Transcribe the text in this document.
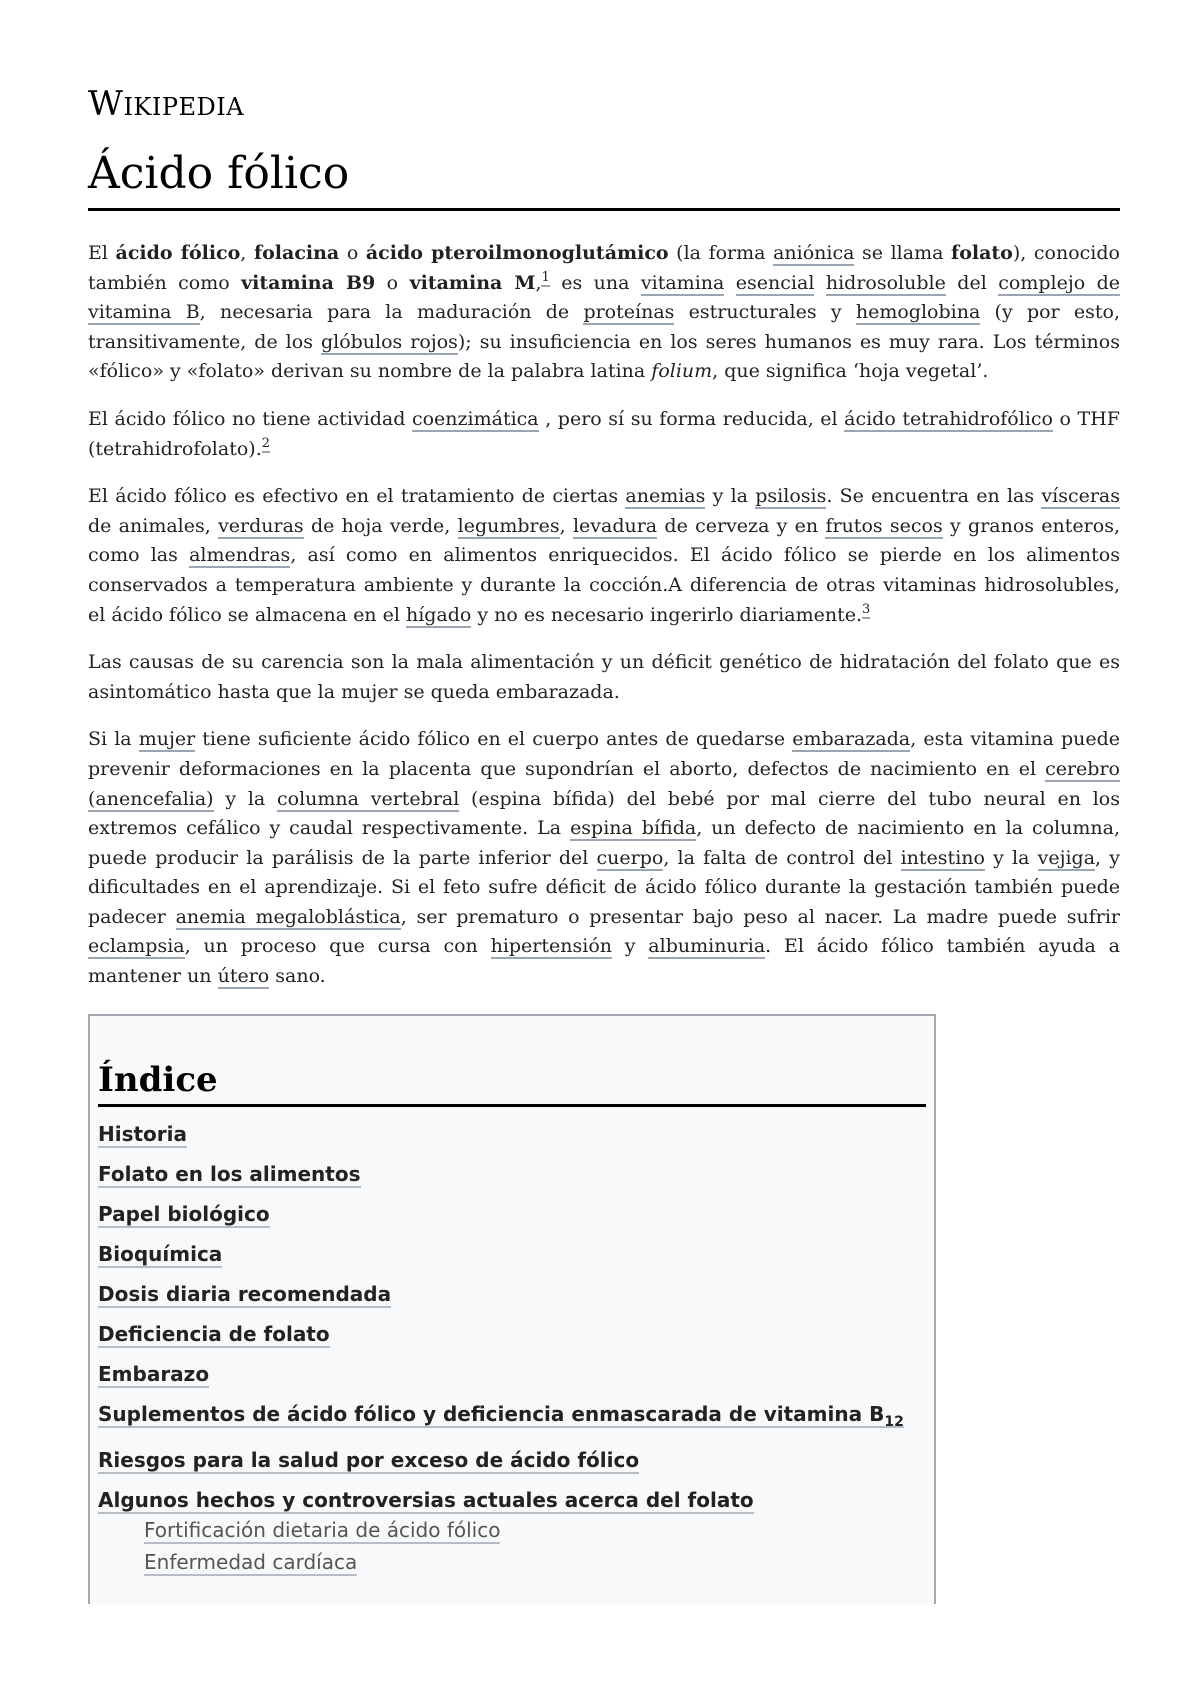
Wikipedia
Ácido fólico

El ácido fólico, folacina o ácido pteroilmonoglutámico (la forma aniónica se llama folato), conocido también como vitamina B9 o vitamina M,$^1$ es una vitamina esencial hidrosoluble del complejo de vitamina B, necesaria para la maduración de proteínas estructurales y hemoglobina (y por esto, transitivamente, de los glóbulos rojos); su insuficiencia en los seres humanos es muy rara. Los términos «fólico» y «folato» derivan su nombre de la palabra latina folium, que significa ‘hoja vegetal’.

El ácido fólico no tiene actividad coenzimática , pero sí su forma reducida, el ácido tetrahidrofólico o THF (tetrahidrofolato).$^2$

El ácido fólico es efectivo en el tratamiento de ciertas anemias y la psilosis. Se encuentra en las vísceras de animales, verduras de hoja verde, legumbres, levadura de cerveza y en frutos secos y granos enteros, como las almendras, así como en alimentos enriquecidos. El ácido fólico se pierde en los alimentos conservados a temperatura ambiente y durante la cocción.A diferencia de otras vitaminas hidrosolubles, el ácido fólico se almacena en el hígado y no es necesario ingerirlo diariamente.$^3$

Las causas de su carencia son la mala alimentación y un déficit genético de hidratación del folato que es asintomático hasta que la mujer se queda embarazada.

Si la mujer tiene suficiente ácido fólico en el cuerpo antes de quedarse embarazada, esta vitamina puede prevenir deformaciones en la placenta que supondrían el aborto, defectos de nacimiento en el cerebro (anencefalia) y la columna vertebral (espina bífida) del bebé por mal cierre del tubo neural en los extremos cefálico y caudal respectivamente. La espina bífida, un defecto de nacimiento en la columna, puede producir la parálisis de la parte inferior del cuerpo, la falta de control del intestino y la vejiga, y dificultades en el aprendizaje. Si el feto sufre déficit de ácido fólico durante la gestación también puede padecer anemia megaloblástica, ser prematuro o presentar bajo peso al nacer. La madre puede sufrir eclampsia, un proceso que cursa con hipertensión y albuminuria. El ácido fólico también ayuda a mantener un útero sano.

Índice
Historia
Folato en los alimentos
Papel biológico
Bioquímica
Dosis diaria recomendada
Deficiencia de folato
Embarazo
Suplementos de ácido fólico y deficiencia enmascarada de vitamina $B_{12}$
Riesgos para la salud por exceso de ácido fólico
Algunos hechos y controversias actuales acerca del folato
Fortificación dietaria de ácido fólico
Enfermedad cardíaca
